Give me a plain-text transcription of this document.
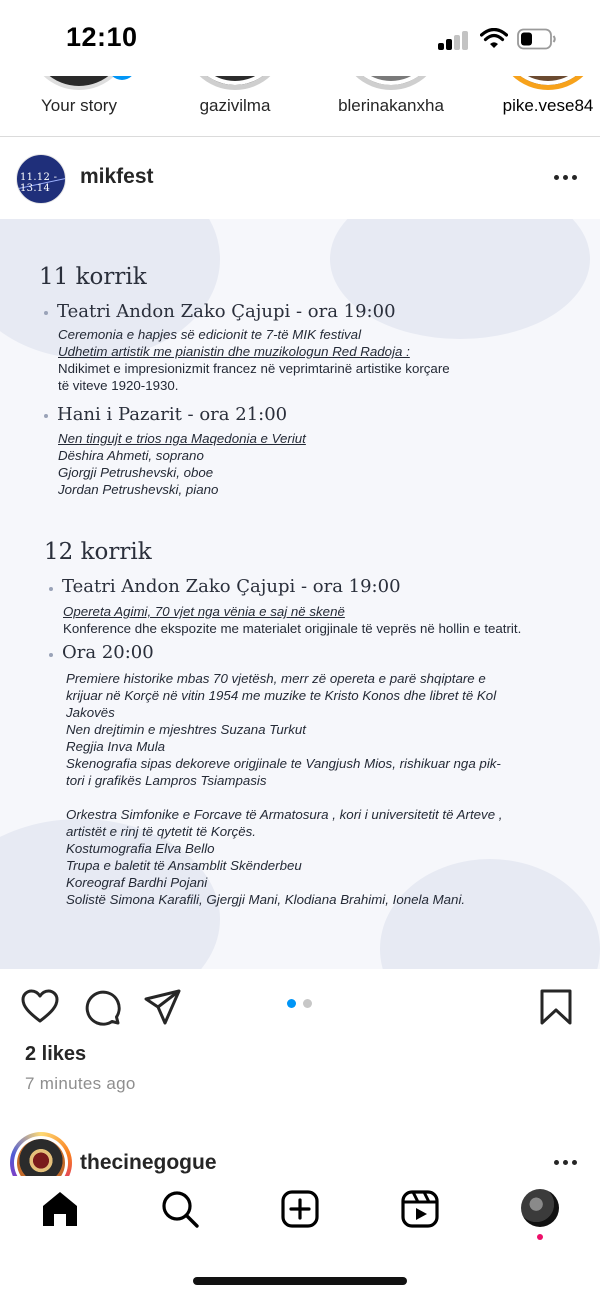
12:10
Your story	gazivilma	blerinakanxha	pike.vese84
11.12 - 13.14
mikfest
11 korrik
Teatri Andon Zako Çajupi - ora 19:00
Ceremonia e hapjes së edicionit te 7-të MIK festival
Udhetim artistik me pianistin dhe muzikologun Red Radoja :
Ndikimet e impresionizmit francez në veprimtarinë artistike korçare
të viteve 1920-1930.
Hani i Pazarit - ora 21:00
Nen tingujt e trios nga Maqedonia e Veriut
Dëshira Ahmeti, soprano
Gjorgji Petrushevski, oboe
Jordan Petrushevski, piano
12 korrik
Teatri Andon Zako Çajupi - ora 19:00
Opereta Agimi, 70 vjet nga vënia e saj në skenë
Konference dhe ekspozite me materialet origjinale të veprës në hollin e teatrit.
Ora 20:00
Premiere historike mbas 70 vjetësh, merr zë opereta e parë shqiptare e
krijuar në Korçë në vitin 1954 me muzike te Kristo Konos dhe libret të Kol
Jakovës
Nen drejtimin e mjeshtres Suzana Turkut
Regjia Inva Mula
Skenografia sipas dekoreve origjinale te Vangjush Mios, rishikuar nga pik-
tori i grafikës Lampros Tsiampasis
Orkestra Simfonike e Forcave të Armatosura , kori i universitetit të Arteve ,
artistët e rinj të qytetit të Korçës.
Kostumografia Elva Bello
Trupa e baletit të Ansamblit Skënderbeu
Koreograf Bardhi Pojani
Solistë Simona Karafili, Gjergji Mani, Klodiana Brahimi, Ionela Mani.
2 likes
7 minutes ago
thecinegogue
